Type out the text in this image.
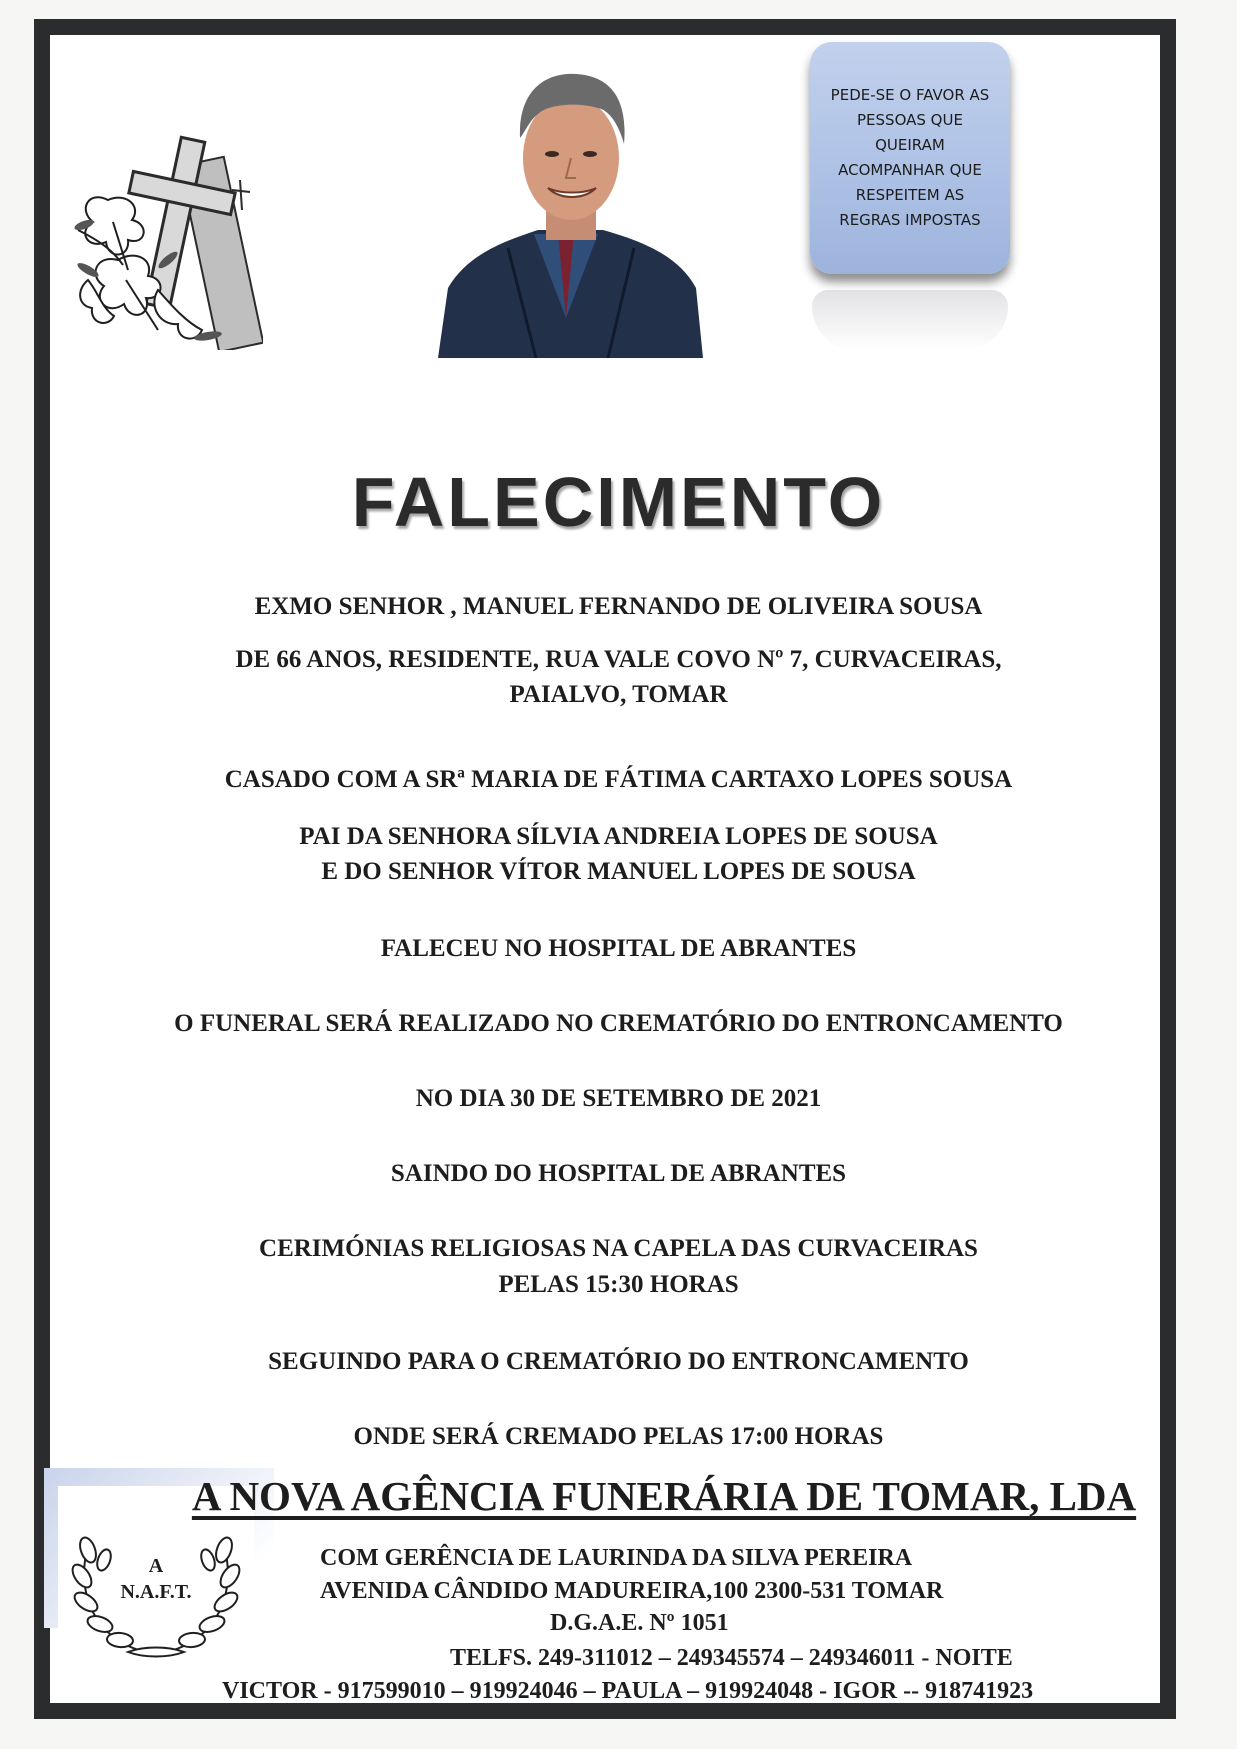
PEDE-SE O FAVOR AS
PESSOAS QUE
QUEIRAM
ACOMPANHAR QUE
RESPEITEM AS
REGRAS IMPOSTAS
FALECIMENTO

EXMO SENHOR , MANUEL FERNANDO DE OLIVEIRA SOUSA

DE 66 ANOS, RESIDENTE, RUA VALE COVO Nº 7, CURVACEIRAS,

PAIALVO, TOMAR

CASADO COM A SRª MARIA DE FÁTIMA CARTAXO LOPES SOUSA

PAI DA SENHORA SÍLVIA ANDREIA LOPES DE SOUSA

E DO SENHOR VÍTOR MANUEL LOPES DE SOUSA

FALECEU NO HOSPITAL DE ABRANTES

O FUNERAL SERÁ REALIZADO NO CREMATÓRIO DO ENTRONCAMENTO

NO DIA 30 DE SETEMBRO DE 2021

SAINDO DO HOSPITAL DE ABRANTES

CERIMÓNIAS RELIGIOSAS NA CAPELA DAS CURVACEIRAS

PELAS 15:30 HORAS

SEGUINDO PARA O CREMATÓRIO DO ENTRONCAMENTO

ONDE SERÁ CREMADO PELAS 17:00 HORAS

A
N.A.F.T.

A NOVA AGÊNCIA FUNERÁRIA DE TOMAR, LDA

COM GERÊNCIA DE LAURINDA DA SILVA PEREIRA

AVENIDA CÂNDIDO MADUREIRA,100 2300-531 TOMAR

D.G.A.E. Nº 1051

TELFS. 249-311012 – 249345574 – 249346011 - NOITE

VICTOR - 917599010 – 919924046 – PAULA – 919924048 - IGOR -- 918741923
